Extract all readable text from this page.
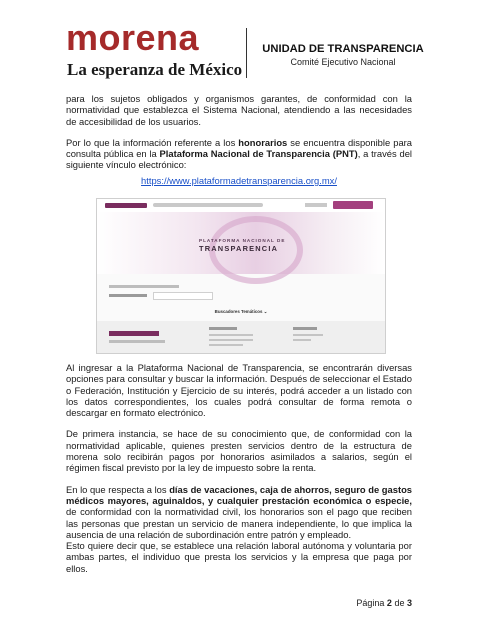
morena
La esperanza de México
UNIDAD DE TRANSPARENCIA
Comité Ejecutivo Nacional

para los sujetos obligados y organismos garantes, de conformidad con la normatividad que establezca el Sistema Nacional, atendiendo a las necesidades de accesibilidad de los usuarios.

Por lo que la información referente a los honorarios se encuentra disponible para consulta pública en la Plataforma Nacional de Transparencia (PNT), a través del siguiente vínculo electrónico:

https://www.plataformadetransparencia.org.mx/

PLATAFORMA NACIONAL DE
TRANSPARENCIA
Buscadores Temáticos ⌄

Al ingresar a la Plataforma Nacional de Transparencia, se encontrarán diversas opciones para consultar y buscar la información. Después de seleccionar el Estado o Federación, Institución y Ejercicio de su interés, podrá acceder a un listado con los datos correspondientes, los cuales podrá consultar de forma remota o descargar en formato electrónico.

De primera instancia, se hace de su conocimiento que, de conformidad con la normatividad aplicable, quienes presten servicios dentro de la estructura de morena solo recibirán pagos por honorarios asimilados a salarios, según el régimen fiscal previsto por la ley de impuesto sobre la renta.

En lo que respecta a los días de vacaciones, caja de ahorros, seguro de gastos médicos mayores, aguinaldos, y cualquier prestación económica o especie, de conformidad con la normatividad civil, los honorarios son el pago que reciben las personas que prestan un servicio de manera independiente, lo que implica la ausencia de una relación de subordinación entre patrón y empleado.

Esto quiere decir que, se establece una relación laboral autónoma y voluntaria por ambas partes, el individuo que presta los servicios y la empresa que paga por ellos.

Página 2 de 3
